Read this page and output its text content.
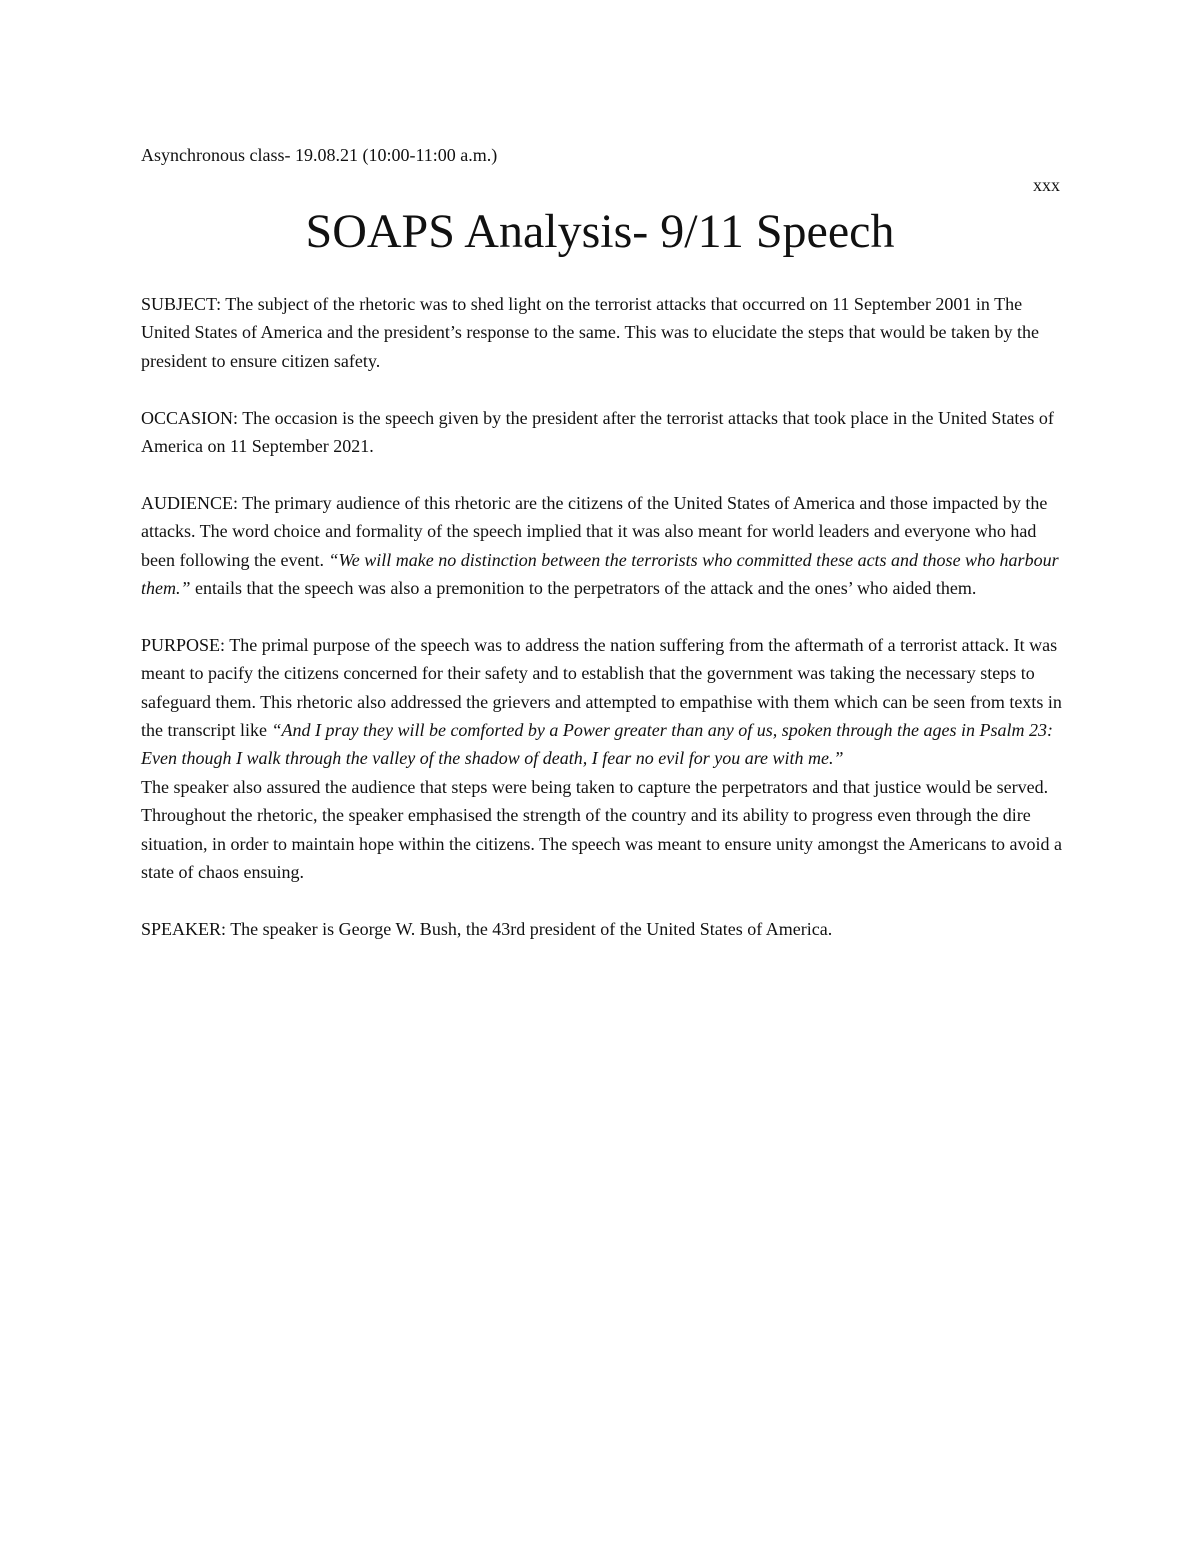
Asynchronous class- 19.08.21 (10:00-11:00 a.m.)
xxx
SOAPS Analysis- 9/11 Speech

SUBJECT: The subject of the rhetoric was to shed light on the terrorist attacks that occurred on 11 September 2001 in The United States of America and the president’s response to the same. This was to elucidate the steps that would be taken by the president to ensure citizen safety.

OCCASION: The occasion is the speech given by the president after the terrorist attacks that took place in the United States of America on 11 September 2021.

AUDIENCE: The primary audience of this rhetoric are the citizens of the United States of America and those impacted by the attacks. The word choice and formality of the speech implied that it was also meant for world leaders and everyone who had been following the event. “We will make no distinction between the terrorists who committed these acts and those who harbour them.” entails that the speech was also a premonition to the perpetrators of the attack and the ones’ who aided them.

PURPOSE: The primal purpose of the speech was to address the nation suffering from the aftermath of a terrorist attack. It was meant to pacify the citizens concerned for their safety and to establish that the government was taking the necessary steps to safeguard them. This rhetoric also addressed the grievers and attempted to empathise with them which can be seen from texts in the transcript like “And I pray they will be comforted by a Power greater than any of us, spoken through the ages in Psalm 23: Even though I walk through the valley of the shadow of death, I fear no evil for you are with me.”

The speaker also assured the audience that steps were being taken to capture the perpetrators and that justice would be served.

Throughout the rhetoric, the speaker emphasised the strength of the country and its ability to progress even through the dire situation, in order to maintain hope within the citizens. The speech was meant to ensure unity amongst the Americans to avoid a state of chaos ensuing.

SPEAKER: The speaker is George W. Bush, the 43rd president of the United States of America.
